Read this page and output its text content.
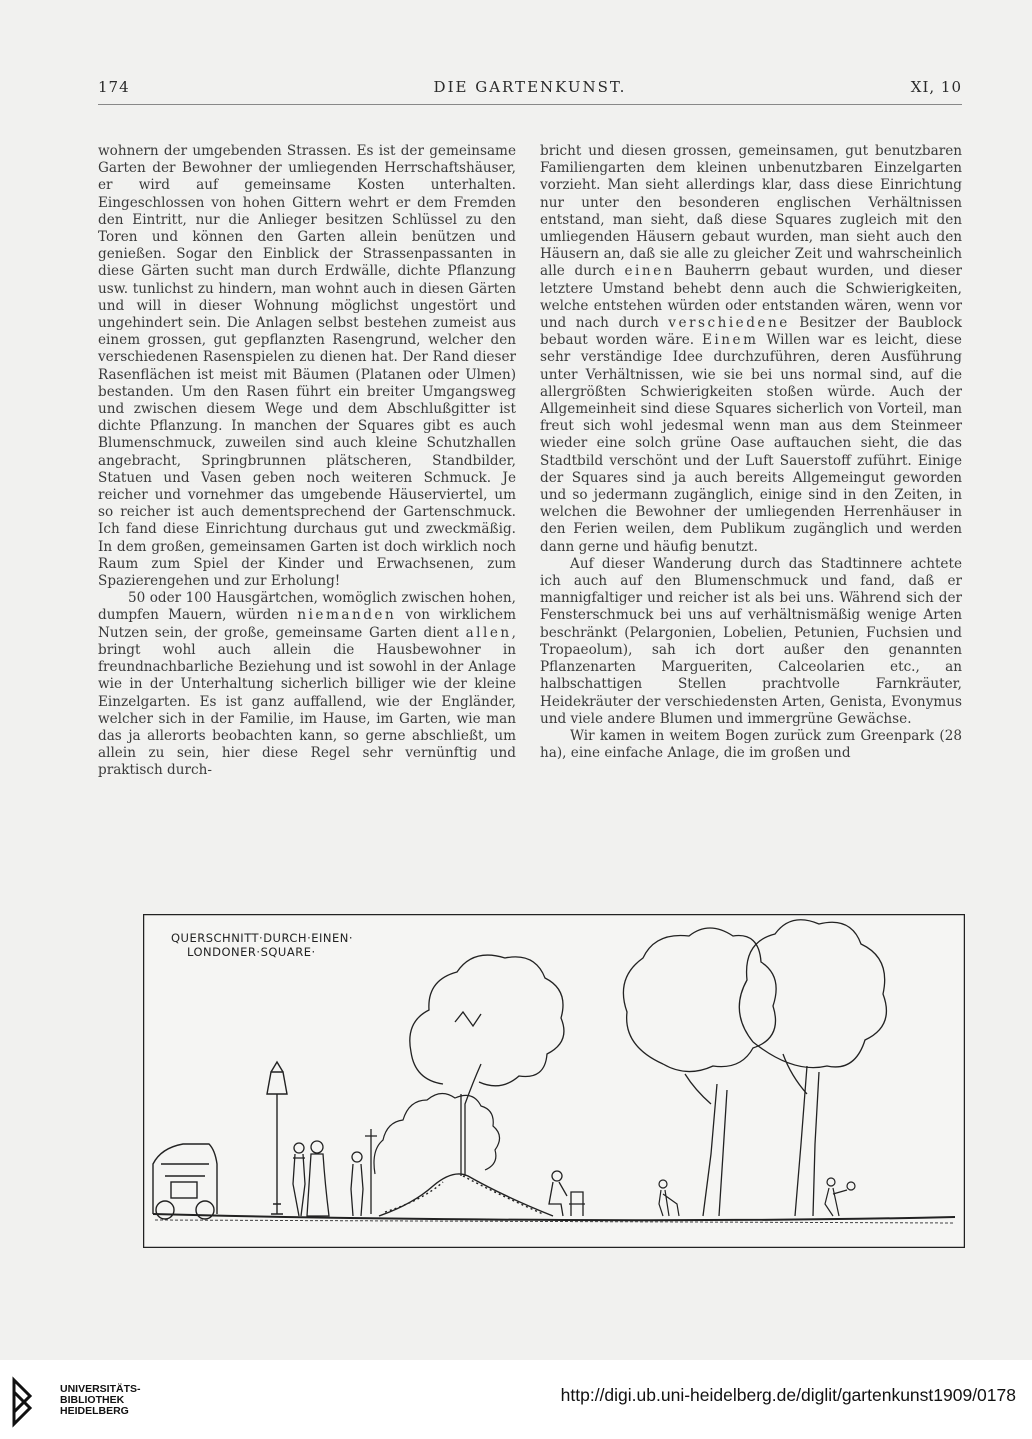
174	DIE GARTENKUNST.	XI, 10

wohnern der umgebenden Strassen. Es ist der gemeinsame Garten der Bewohner der umliegenden Herrschaftshäuser, er wird auf gemeinsame Kosten unterhalten. Eingeschlossen von hohen Gittern wehrt er dem Fremden den Eintritt, nur die Anlieger besitzen Schlüssel zu den Toren und können den Garten allein benützen und genießen. Sogar den Einblick der Strassenpassanten in diese Gärten sucht man durch Erdwälle, dichte Pflanzung usw. tunlichst zu hindern, man wohnt auch in diesen Gärten und will in dieser Wohnung möglichst ungestört und ungehindert sein. Die Anlagen selbst bestehen zumeist aus einem grossen, gut gepflanzten Rasengrund, welcher den verschiedenen Rasenspielen zu dienen hat. Der Rand dieser Rasenflächen ist meist mit Bäumen (Platanen oder Ulmen) bestanden. Um den Rasen führt ein breiter Umgangsweg und zwischen diesem Wege und dem Abschlußgitter ist dichte Pflanzung. In manchen der Squares gibt es auch Blumenschmuck, zuweilen sind auch kleine Schutzhallen angebracht, Springbrunnen plätscheren, Standbilder, Statuen und Vasen geben noch weiteren Schmuck. Je reicher und vornehmer das umgebende Häuserviertel, um so reicher ist auch dementsprechend der Gartenschmuck. Ich fand diese Einrichtung durchaus gut und zweckmäßig. In dem großen, gemeinsamen Garten ist doch wirklich noch Raum zum Spiel der Kinder und Erwachsenen, zum Spazierengehen und zur Erholung!

50 oder 100 Hausgärtchen, womöglich zwischen hohen, dumpfen Mauern, würden niemanden von wirklichem Nutzen sein, der große, gemeinsame Garten dient allen, bringt wohl auch allein die Hausbewohner in freundnachbarliche Beziehung und ist sowohl in der Anlage wie in der Unterhaltung sicherlich billiger wie der kleine Einzelgarten. Es ist ganz auffallend, wie der Engländer, welcher sich in der Familie, im Hause, im Garten, wie man das ja allerorts beobachten kann, so gerne abschließt, um allein zu sein, hier diese Regel sehr vernünftig und praktisch durch-

bricht und diesen grossen, gemeinsamen, gut benutzbaren Familiengarten dem kleinen unbenutzbaren Einzelgarten vorzieht. Man sieht allerdings klar, dass diese Einrichtung nur unter den besonderen englischen Verhältnissen entstand, man sieht, daß diese Squares zugleich mit den umliegenden Häusern gebaut wurden, man sieht auch den Häusern an, daß sie alle zu gleicher Zeit und wahrscheinlich alle durch einen Bauherrn gebaut wurden, und dieser letztere Umstand behebt denn auch die Schwierigkeiten, welche entstehen würden oder entstanden wären, wenn vor und nach durch verschiedene Besitzer der Baublock bebaut worden wäre. Einem Willen war es leicht, diese sehr verständige Idee durchzuführen, deren Ausführung unter Verhältnissen, wie sie bei uns normal sind, auf die allergrößten Schwierigkeiten stoßen würde. Auch der Allgemeinheit sind diese Squares sicherlich von Vorteil, man freut sich wohl jedesmal wenn man aus dem Steinmeer wieder eine solch grüne Oase auftauchen sieht, die das Stadtbild verschönt und der Luft Sauerstoff zuführt. Einige der Squares sind ja auch bereits Allgemeingut geworden und so jedermann zugänglich, einige sind in den Zeiten, in welchen die Bewohner der umliegenden Herrenhäuser in den Ferien weilen, dem Publikum zugänglich und werden dann gerne und häufig benutzt.

Auf dieser Wanderung durch das Stadtinnere achtete ich auch auf den Blumenschmuck und fand, daß er mannigfaltiger und reicher ist als bei uns. Während sich der Fensterschmuck bei uns auf verhältnismäßig wenige Arten beschränkt (Pelargonien, Lobelien, Petunien, Fuchsien und Tropaeolum), sah ich dort außer den genannten Pflanzenarten Margueriten, Calceolarien etc., an halbschattigen Stellen prachtvolle Farnkräuter, Heidekräuter der verschiedensten Arten, Genista, Evonymus und viele andere Blumen und immergrüne Gewächse.

Wir kamen in weitem Bogen zurück zum Greenpark (28 ha), eine einfache Anlage, die im großen und

QUERSCHNITT·DURCH·EINEN·
LONDONER·SQUARE·
UNIVERSITÄTS-
BIBLIOTHEK
HEIDELBERG
http://digi.ub.uni-heidelberg.de/diglit/gartenkunst1909/0178
